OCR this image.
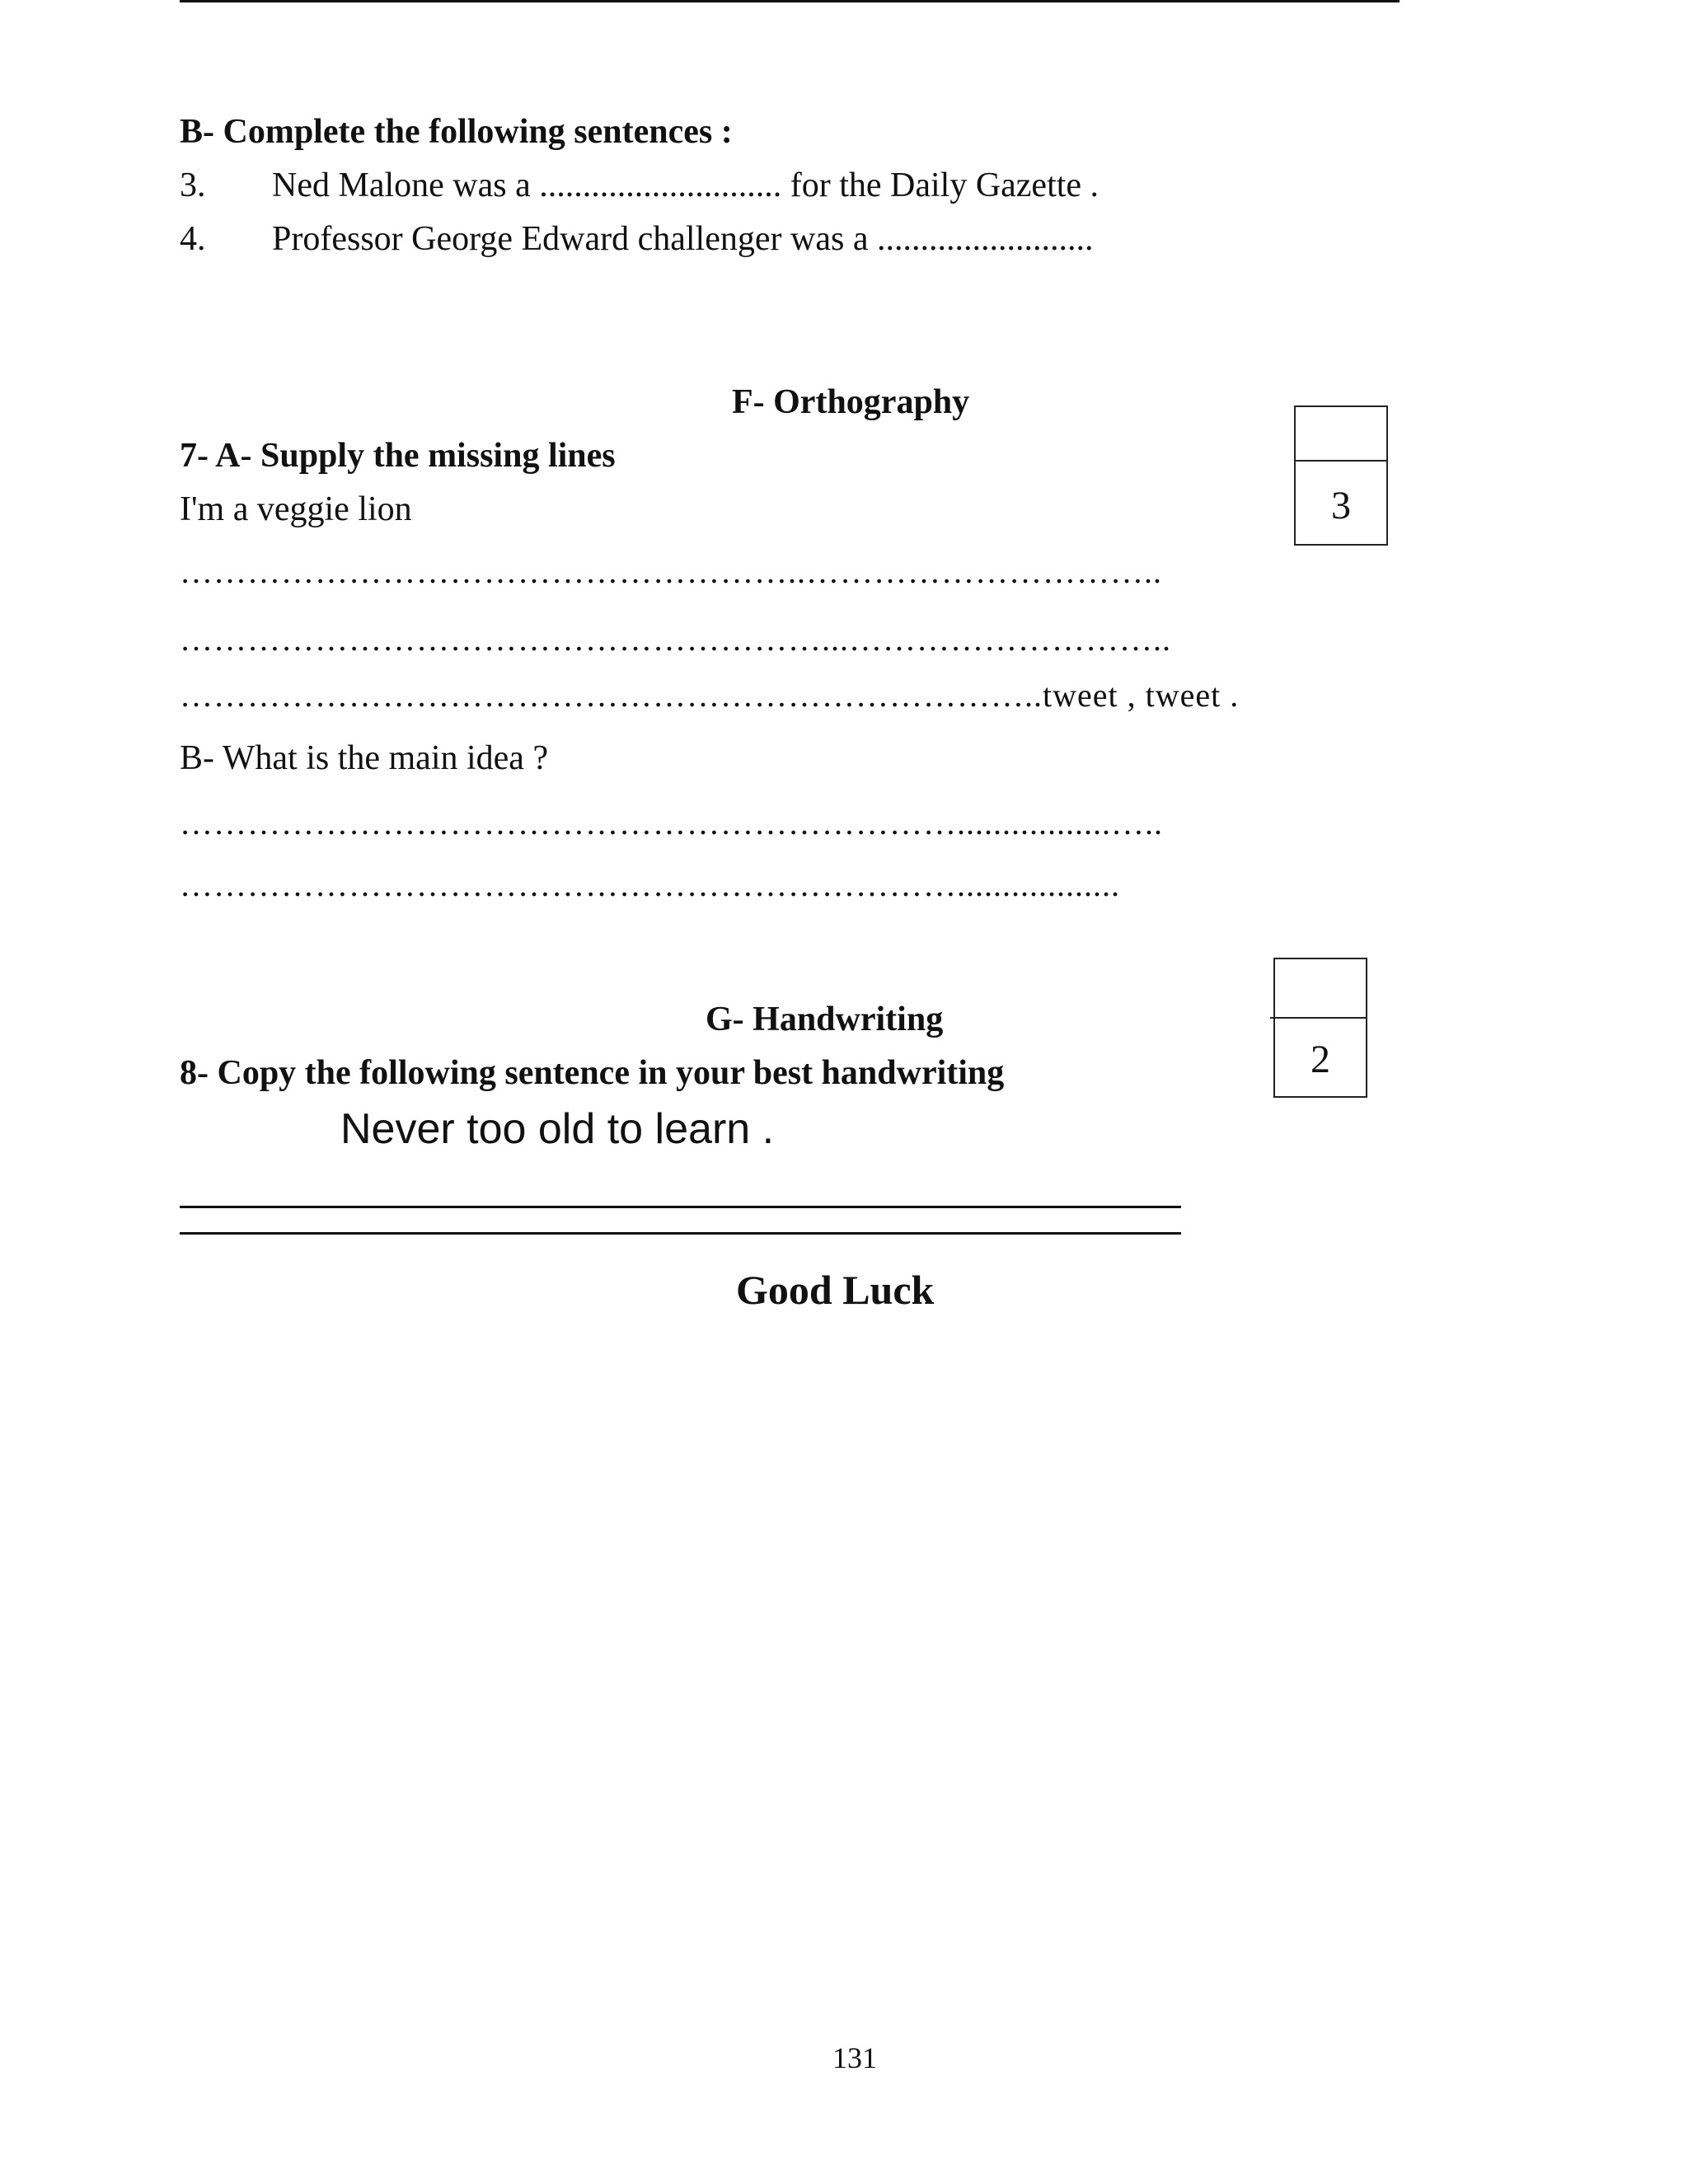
B- Complete the following sentences :
3.	Ned Malone was a ............................ for the Daily Gazette .
4.	Professor George Edward challenger was a .........................
F- Orthography
7- A- Supply the missing lines
I'm a veggie lion
………………………………………………..…………………………..
…………………………………………………...………………………..
…………………………………………………………………..tweet , tweet .
B- What is the main idea ?
…………………………………………………………….................…..
……………………………………………………………..................
3
G- Handwriting
8- Copy the following sentence in your best handwriting
Never too old to learn .
2
Good Luck
131
